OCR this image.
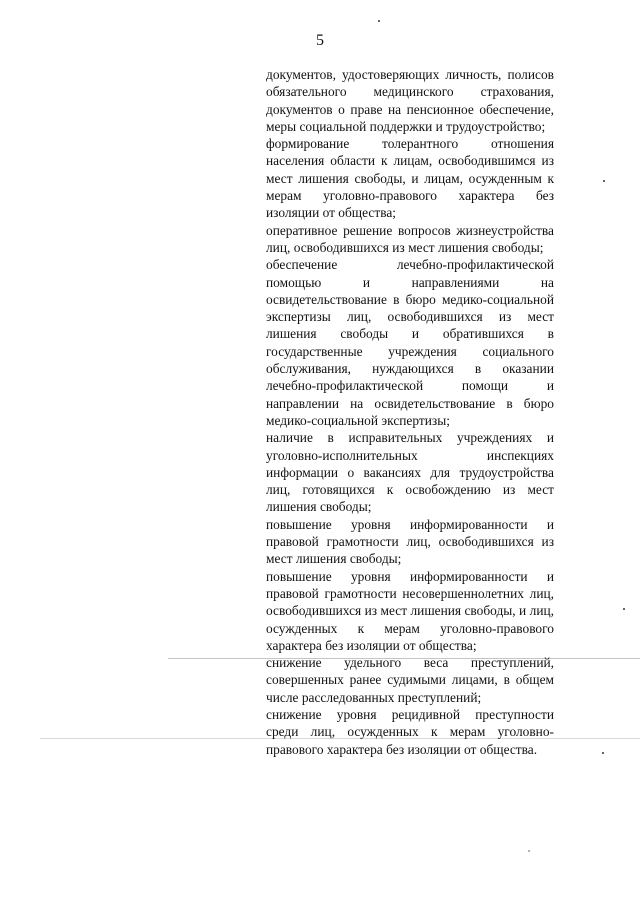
5

документов, удостоверяющих личность, полисов обязательного медицинского страхования, документов о праве на пенсионное обеспечение, меры социальной поддержки и трудоустройство;

формирование толерантного отношения населения области к лицам, освободившимся из мест лишения свободы, и лицам, осужденным к мерам уголовно-правового характера без изоляции от общества;

оперативное решение вопросов жизнеустройства лиц, освободившихся из мест лишения свободы;

обеспечение лечебно-профилактической помощью и направлениями на освидетельствование в бюро медико-социальной экспертизы лиц, освободившихся из мест лишения свободы и обратившихся в государственные учреждения социального обслуживания, нуждающихся в оказании лечебно-профилактической помощи и направлении на освидетельствование в бюро медико-социальной экспертизы;

наличие в исправительных учреждениях и уголовно-исполнительных инспекциях информации о вакансиях для трудоустройства лиц, готовящихся к освобождению из мест лишения свободы;

повышение уровня информированности и правовой грамотности лиц, освободившихся из мест лишения свободы;

повышение уровня информированности и правовой грамотности несовершеннолетних лиц, освободившихся из мест лишения свободы, и лиц, осужденных к мерам уголовно-правового характера без изоляции от общества;

снижение удельного веса преступлений, совершенных ранее судимыми лицами, в общем числе расследованных преступлений;

снижение уровня рецидивной преступности среди лиц, осужденных к мерам уголовно-правового характера без изоляции от общества.
